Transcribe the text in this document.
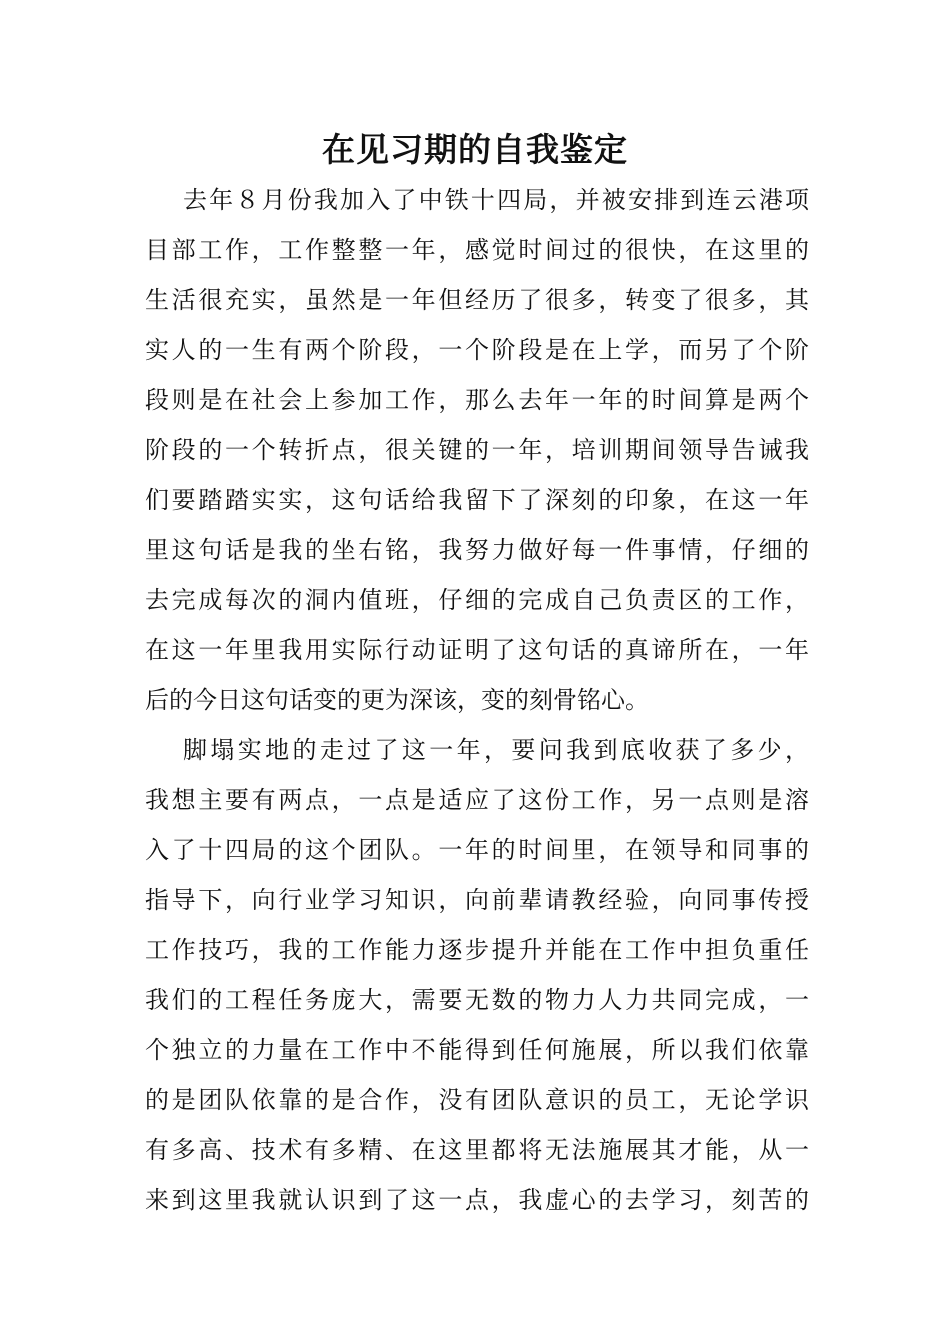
在见习期的自我鉴定
去年８月份我加入了中铁十四局，并被安排到连云港项
目部工作，工作整整一年，感觉时间过的很快，在这里的
生活很充实，虽然是一年但经历了很多，转变了很多，其
实人的一生有两个阶段，一个阶段是在上学，而另了个阶
段则是在社会上参加工作，那么去年一年的时间算是两个
阶段的一个转折点，很关键的一年，培训期间领导告诫我
们要踏踏实实，这句话给我留下了深刻的印象，在这一年
里这句话是我的坐右铭，我努力做好每一件事情，仔细的
去完成每次的洞内值班，仔细的完成自己负责区的工作，
在这一年里我用实际行动证明了这句话的真谛所在，一年
后的今日这句话变的更为深该，变的刻骨铭心。
脚塌实地的走过了这一年，要问我到底收获了多少，
我想主要有两点，一点是适应了这份工作，另一点则是溶
入了十四局的这个团队。一年的时间里，在领导和同事的
指导下，向行业学习知识，向前辈请教经验，向同事传授
工作技巧，我的工作能力逐步提升并能在工作中担负重任
我们的工程任务庞大，需要无数的物力人力共同完成，一
个独立的力量在工作中不能得到任何施展，所以我们依靠
的是团队依靠的是合作，没有团队意识的员工，无论学识
有多高、技术有多精、在这里都将无法施展其才能，从一
来到这里我就认识到了这一点，我虚心的去学习，刻苦的
